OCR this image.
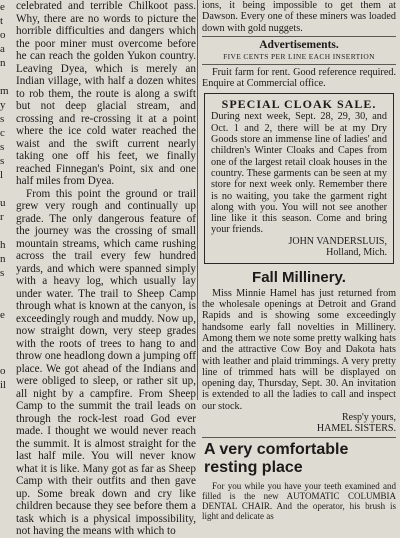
e
t
o
a
n

m
y
s
c
s
s
l

u
r

h
n
s

e

o
il

celebrated and terrible Chilkoot pass. Why, there are no words to picture the horrible difficulties and dangers which the poor miner must overcome before he can reach the golden Yukon country. Leaving Dyea, which is merely an Indian village, with half a dozen whites to rob them, the route is along a swift but not deep glacial stream, and crossing and re-crossing it at a point where the ice cold water reached the waist and the swift current nearly taking one off his feet, we finally reached Finnegan's Point, six and one half miles from Dyea.

From this point the ground or trail grew very rough and continually up grade. The only dangerous feature of the journey was the crossing of small mountain streams, which came rushing across the trail every few hundred yards, and which were spanned simply with a heavy log, which usually lay under water. The trail to Sheep Camp through what is known at the canyon, is exceedingly rough and muddy. Now up, now straight down, very steep grades with the roots of trees to hang to and throw one headlong down a jumping off place. We got ahead of the Indians and were obliged to sleep, or rather sit up, all night by a campfire. From Sheep Camp to the summit the trail leads on through the rock-lest road God ever made. I thought we would never reach the summit. It is almost straight for the last half mile. You will never know what it is like. Many got as far as Sheep Camp with their outfits and then gave up. Some break down and cry like children because they see before them a task which is a physical impossibility, not having the means with which to

ions, it being impossible to get them at Dawson. Every one of these miners was loaded down with gold nuggets.

Advertisements.
FIVE CENTS PER LINE EACH INSERTION

Fruit farm for rent. Good reference required. Enquire at Commercial office.

SPECIAL CLOAK SALE.

During next week, Sept. 28, 29, 30, and Oct. 1 and 2, there will be at my Dry Goods store an immense line of ladies' and children's Winter Cloaks and Capes from one of the largest retail cloak houses in the country. These garments can be seen at my store for next week only. Remember there is no waiting, you take the garment right along with you. You will not see another line like it this season. Come and bring your friends.

JOHN VANDERSLUIS,

Holland, Mich.

Fall Millinery.

Miss Minnie Hamel has just returned from the wholesale openings at Detroit and Grand Rapids and is showing some exceedingly handsome early fall novelties in Millinery. Among them we note some pretty walking hats and the attractive Cow Boy and Dakota hats with leather and plaid trimmings. A very pretty line of trimmed hats will be displayed on opening day, Thursday, Sept. 30. An invitation is extended to all the ladies to call and inspect our stock.

Resp'y yours,

HAMEL SISTERS.

A very comfortable
resting place

For you while you have your teeth examined and filled is the new AUTOMATIC COLUMBIA DENTAL CHAIR. And the operator, his brush is light and delicate as
